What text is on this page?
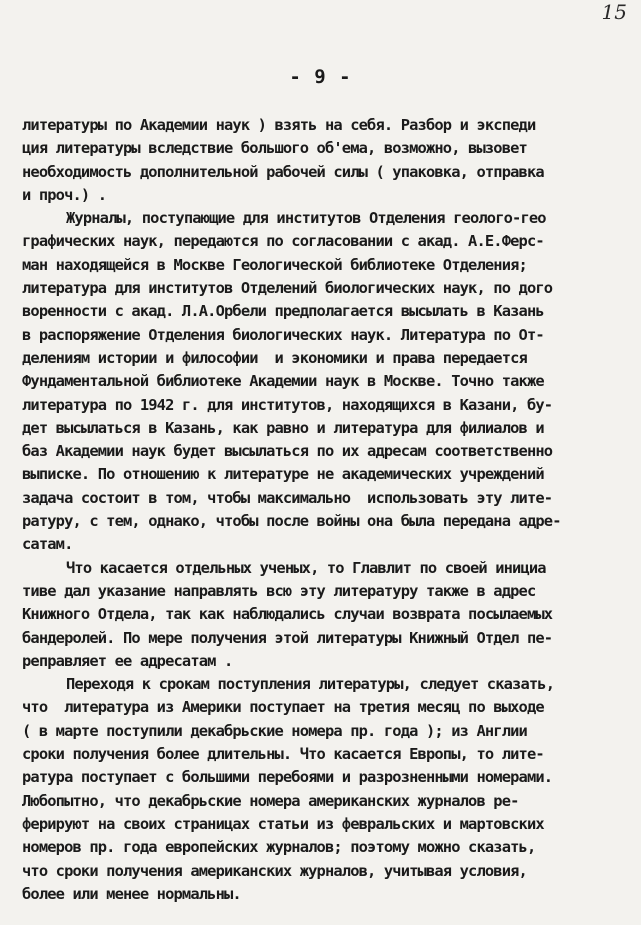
15
- 9 -
литературы по Академии наук ) взять на себя. Разбор и экспеди
ция литературы вследствие большого об'ема, возможно, вызовет
необходимость дополнительной рабочей силы ( упаковка, отправка
и проч.) .
Журналы, поступающие для институтов Отделения геолого-гео
графических наук, передаются по согласовании с акад. А.Е.Ферс-
ман находящейся в Москве Геологической библиотеке Отделения;
литература для институтов Отделений биологических наук, по дого
воренности с акад. Л.А.Орбели предполагается высылать в Казань
в распоряжение Отделения биологических наук. Литература по От-
делениям истории и философии  и экономики и права передается
Фундаментальной библиотеке Академии наук в Москве. Точно также
литература по 1942 г. для институтов, находящихся в Казани, бу-
дет высылаться в Казань, как равно и литература для филиалов и
баз Академии наук будет высылаться по их адресам соответственно
выписке. По отношению к литературе не академических учреждений
задача состоит в том, чтобы максимально  использовать эту лите-
ратуру, с тем, однако, чтобы после войны она была передана адре-
сатам.
Что касается отдельных ученых, то Главлит по своей инициа
тиве дал указание направлять всю эту литературу также в адрес
Книжного Отдела, так как наблюдались случаи возврата посылаемых
бандеролей. По мере получения этой литературы Книжный Отдел пе-
реправляет ее адресатам .
Переходя к срокам поступления литературы, следует сказать,
что  литература из Америки поступает на третия месяц по выходе
( в марте поступили декабрьские номера пр. года ); из Англии
сроки получения более длительны. Что касается Европы, то лите-
ратура поступает с большими перебоями и разрозненными номерами.
Любопытно, что декабрьские номера американских журналов ре-
ферируют на своих страницах статьи из февральских и мартовских
номеров пр. года европейских журналов; поэтому можно сказать,
что сроки получения американских журналов, учитывая условия,
более или менее нормальны.
